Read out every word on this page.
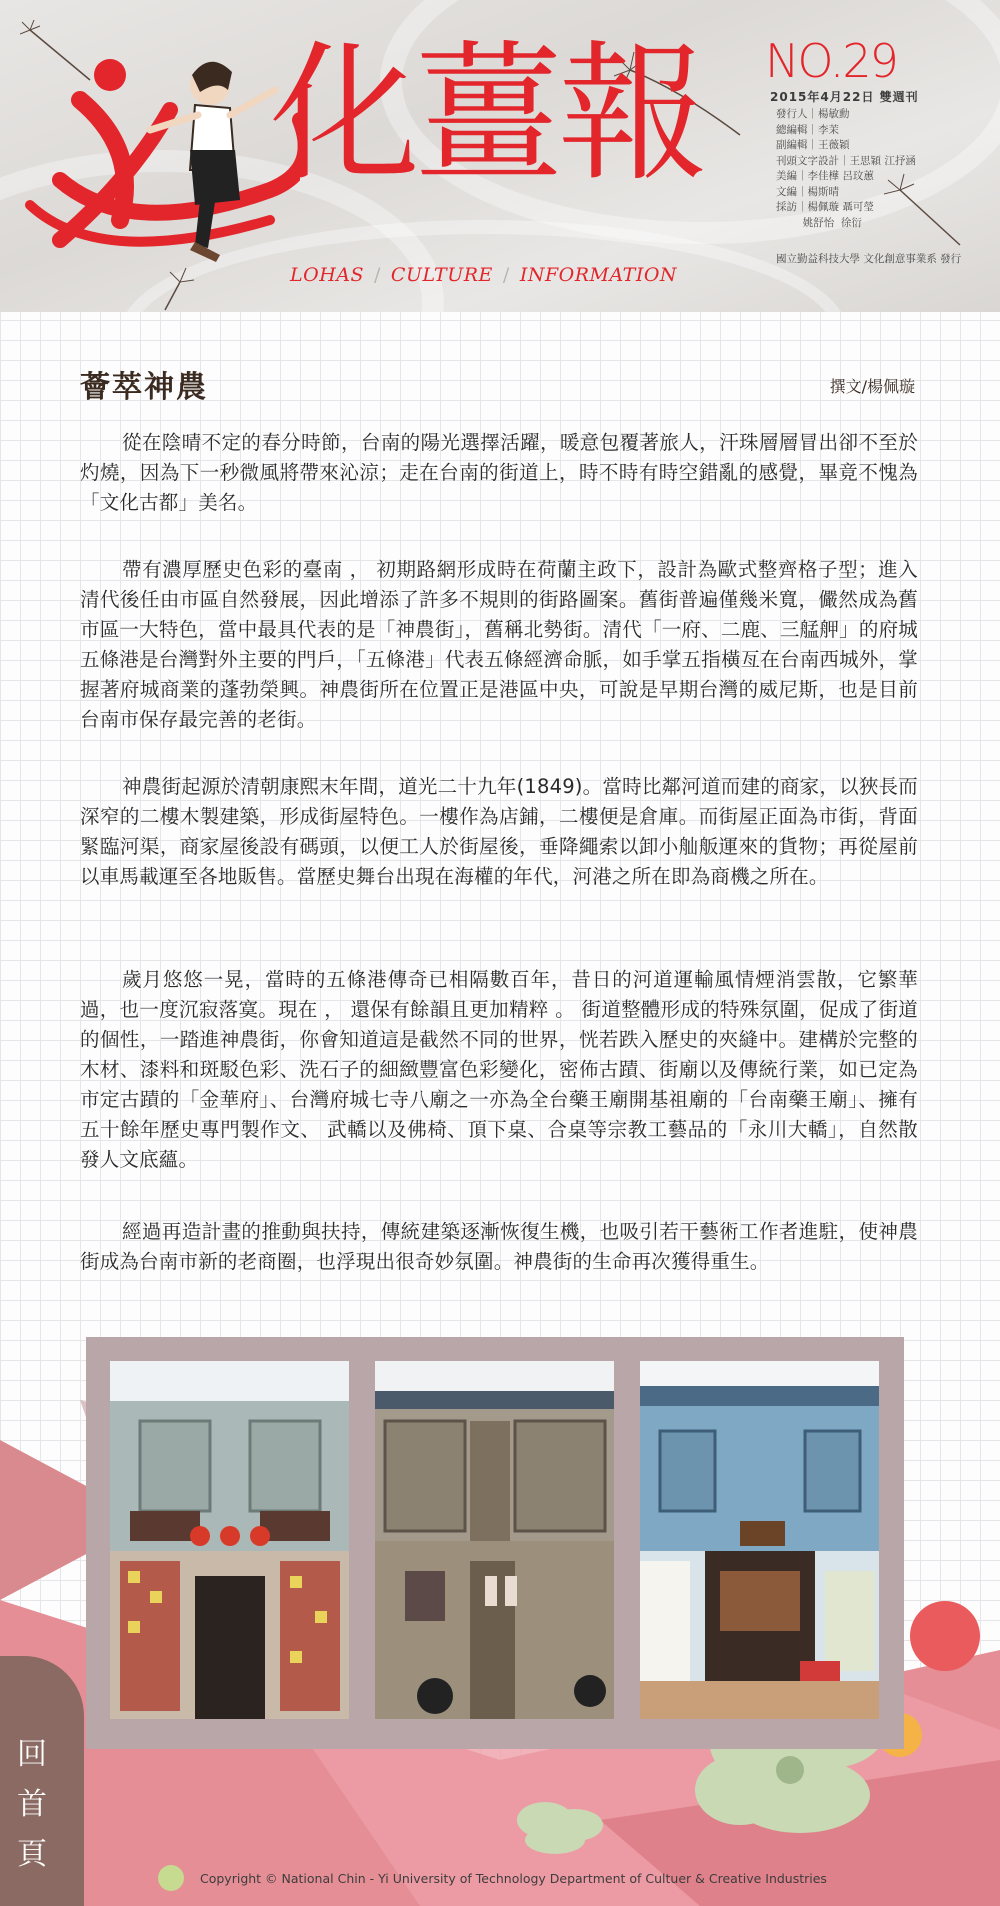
化薑報
LOHAS / CULTURE / INFORMATION
NO.29
2015年4月22日 雙週刊
發行人｜楊敏勳
總編輯｜李茉
副編輯｜王薇穎
刊頭文字設計｜王思穎 江抒涵
美編｜李佳樺 呂玟蕙
文編｜楊斯晴
採訪｜楊佩璇 聶可瑩
姚舒怡  徐衍
國立勤益科技大學 文化創意事業系 發行
薈萃神農	撰文/楊佩璇

從在陰晴不定的春分時節，台南的陽光選擇活躍，暖意包覆著旅人，汗珠層層冒出卻不至於灼燒，因為下一秒微風將帶來沁涼；走在台南的街道上，時不時有時空錯亂的感覺，畢竟不愧為「文化古都」美名。

帶有濃厚歷史色彩的臺南 ， 初期路網形成時在荷蘭主政下，設計為歐式整齊格子型；進入清代後任由市區自然發展，因此增添了許多不規則的街路圖案。舊街普遍僅幾米寬，儼然成為舊市區一大特色，當中最具代表的是「神農街」，舊稱北勢街。清代「一府、二鹿、三艋舺」的府城五條港是台灣對外主要的門戶，「五條港」代表五條經濟命脈，如手掌五指橫亙在台南西城外，掌握著府城商業的蓬勃榮興。神農街所在位置正是港區中央，可說是早期台灣的威尼斯，也是目前台南市保存最完善的老街。

神農街起源於清朝康熙末年間，道光二十九年(1849)。當時比鄰河道而建的商家，以狹長而深窄的二樓木製建築，形成街屋特色。一樓作為店鋪，二樓便是倉庫。而街屋正面為市街，背面緊臨河渠，商家屋後設有碼頭，以便工人於街屋後，垂降繩索以卸小舢舨運來的貨物；再從屋前以車馬載運至各地販售。當歷史舞台出現在海權的年代，河港之所在即為商機之所在。

歲月悠悠一晃，當時的五條港傳奇已相隔數百年，昔日的河道運輸風情煙消雲散，它繁華過，也一度沉寂落寞。現在 ， 還保有餘韻且更加精粹 。 街道整體形成的特殊氛圍，促成了街道的個性，一踏進神農街，你會知道這是截然不同的世界，恍若跌入歷史的夾縫中。建構於完整的木材、漆料和斑駁色彩、洗石子的細緻豐富色彩變化，密佈古蹟、街廟以及傳統行業，如已定為市定古蹟的「金華府」、台灣府城七寺八廟之一亦為全台藥王廟開基祖廟的「台南藥王廟」、擁有五十餘年歷史專門製作文、 武轎以及佛椅、頂下桌、合桌等宗教工藝品的「永川大轎」，自然散發人文底蘊。

經過再造計畫的推動與扶持，傳統建築逐漸恢復生機，也吸引若干藝術工作者進駐，使神農街成為台南市新的老商圈，也浮現出很奇妙氛圍。神農街的生命再次獲得重生。

回
首
頁
Copyright © National Chin - Yi University of Technology Department of Cultuer & Creative Industries
